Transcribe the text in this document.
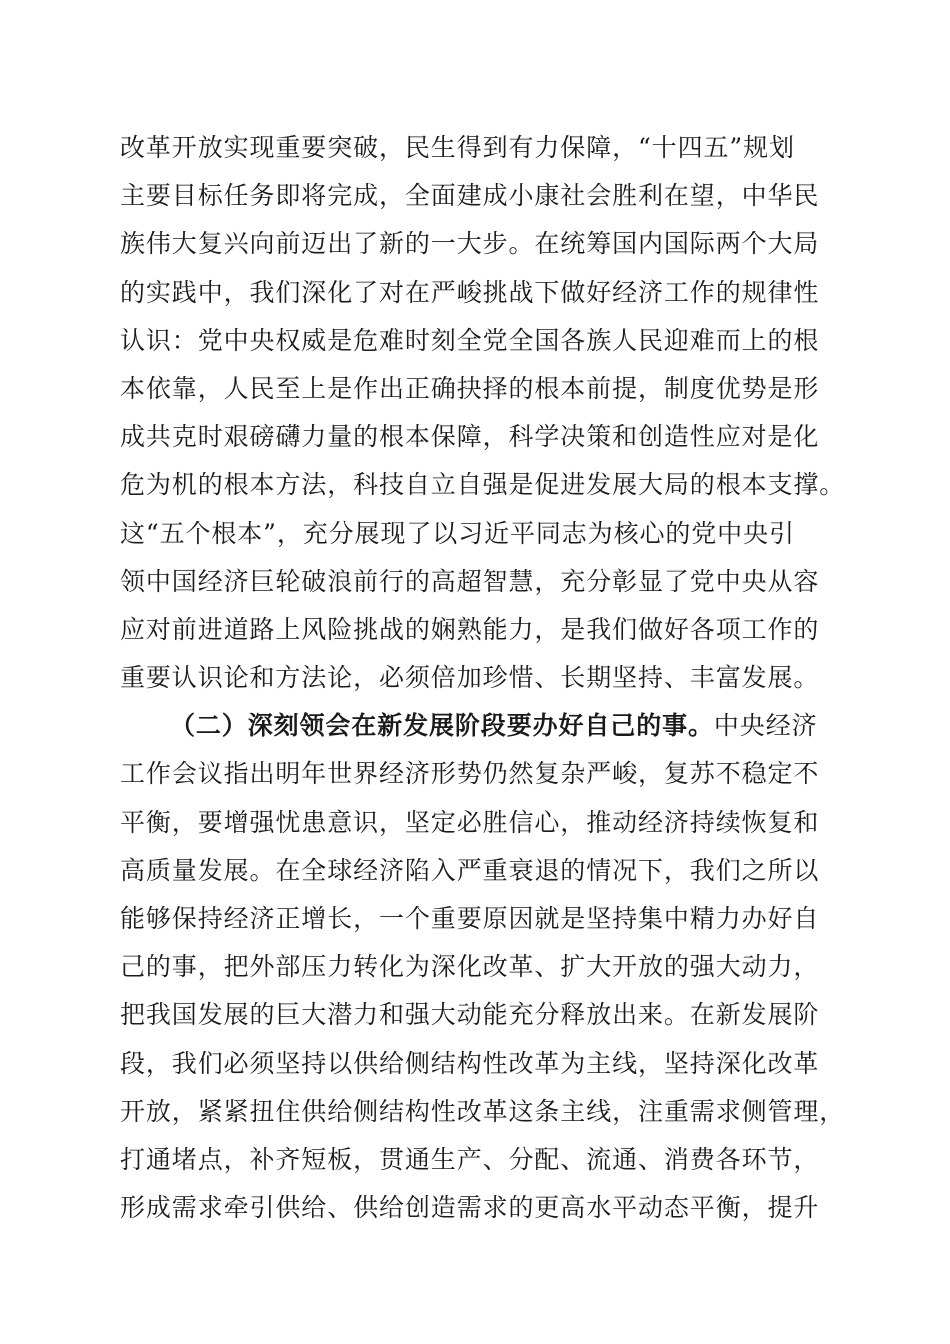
改革开放实现重要突破，民生得到有力保障，“十四五”规划
主要目标任务即将完成，全面建成小康社会胜利在望，中华民
族伟大复兴向前迈出了新的一大步。在统筹国内国际两个大局
的实践中，我们深化了对在严峻挑战下做好经济工作的规律性
认识：党中央权威是危难时刻全党全国各族人民迎难而上的根
本依靠，人民至上是作出正确抉择的根本前提，制度优势是形
成共克时艰磅礴力量的根本保障，科学决策和创造性应对是化
危为机的根本方法，科技自立自强是促进发展大局的根本支撑。
这“五个根本”，充分展现了以习近平同志为核心的党中央引
领中国经济巨轮破浪前行的高超智慧，充分彰显了党中央从容
应对前进道路上风险挑战的娴熟能力，是我们做好各项工作的
重要认识论和方法论，必须倍加珍惜、长期坚持、丰富发展。
（二）深刻领会在新发展阶段要办好自己的事。中央经济
工作会议指出明年世界经济形势仍然复杂严峻，复苏不稳定不
平衡，要增强忧患意识，坚定必胜信心，推动经济持续恢复和
高质量发展。在全球经济陷入严重衰退的情况下，我们之所以
能够保持经济正增长，一个重要原因就是坚持集中精力办好自
己的事，把外部压力转化为深化改革、扩大开放的强大动力，
把我国发展的巨大潜力和强大动能充分释放出来。在新发展阶
段，我们必须坚持以供给侧结构性改革为主线，坚持深化改革
开放，紧紧扭住供给侧结构性改革这条主线，注重需求侧管理，
打通堵点，补齐短板，贯通生产、分配、流通、消费各环节，
形成需求牵引供给、供给创造需求的更高水平动态平衡，提升
